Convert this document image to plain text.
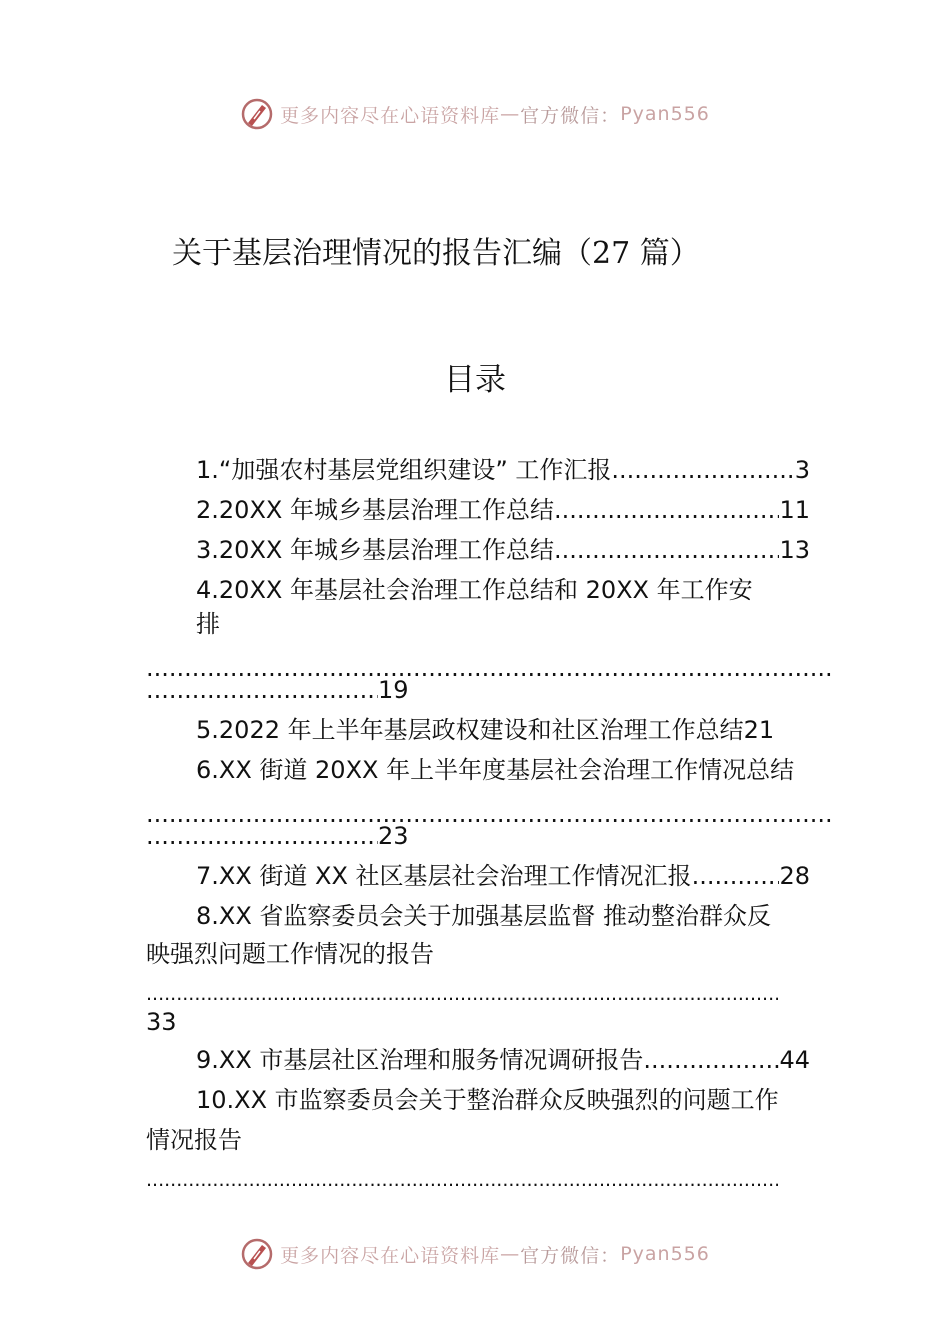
更多内容尽在心语资料库 — 官方微信： Pyan556
关于基层治理情况的报告汇编（27 篇）
目录
1.“加强农村基层党组织建设” 工作汇报 .....	3
2.20XX 年城乡基层治理工作总结 .....	11
3.20XX 年城乡基层治理工作总结 .....	13
4.20XX 年基层社会治理工作总结和 20XX 年工作安
排
.....
.....
19
5.2022 年上半年基层政权建设和社区治理工作总结21
6.XX 街道 20XX 年上半年度基层社会治理工作情况总结
.....
.....
23
7.XX 街道 XX 社区基层社会治理工作情况汇报 .....	28
8.XX 省监察委员会关于加强基层监督 推动整治群众反
映强烈问题工作情况的报告
.....
33
9.XX 市基层社区治理和服务情况调研报告 .....	44
10.XX 市监察委员会关于整治群众反映强烈的问题工作
情况报告
.....
更多内容尽在心语资料库 — 官方微信： Pyan556
